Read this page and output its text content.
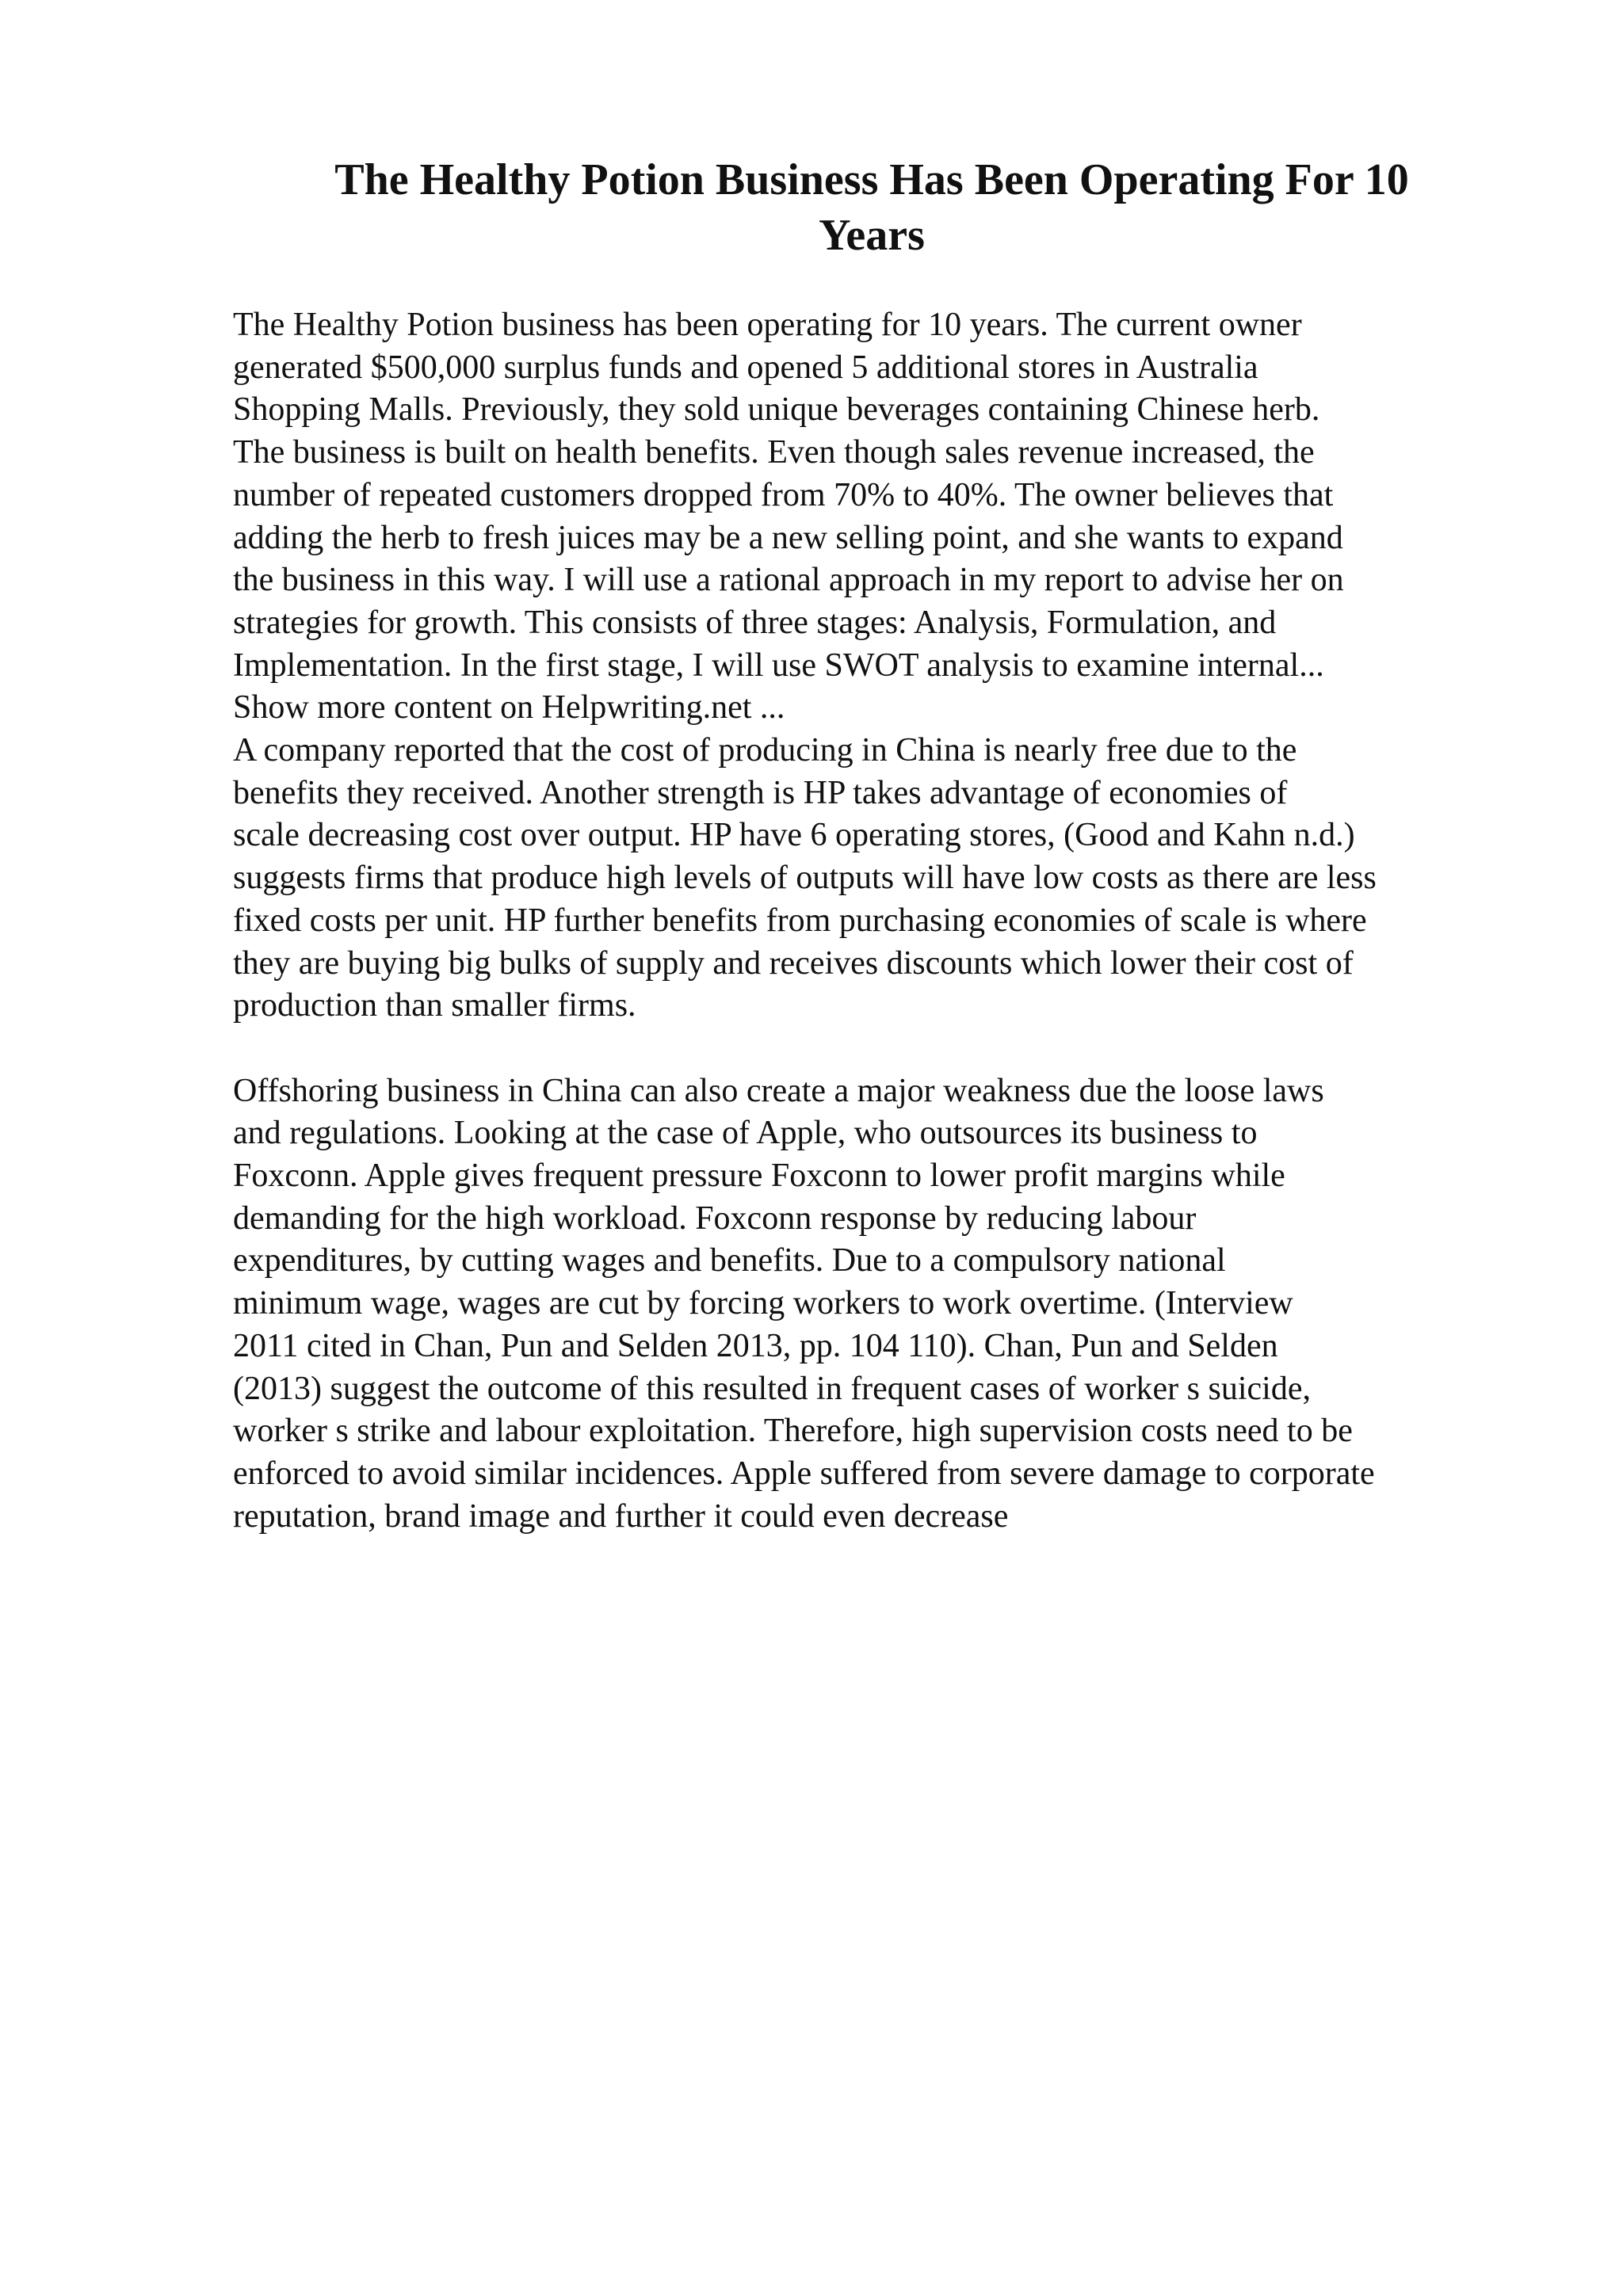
The Healthy Potion Business Has Been Operating For 10
Years
The Healthy Potion business has been operating for 10 years. The current owner
generated $500,000 surplus funds and opened 5 additional stores in Australia
Shopping Malls. Previously, they sold unique beverages containing Chinese herb.
The business is built on health benefits. Even though sales revenue increased, the
number of repeated customers dropped from 70% to 40%. The owner believes that
adding the herb to fresh juices may be a new selling point, and she wants to expand
the business in this way. I will use a rational approach in my report to advise her on
strategies for growth. This consists of three stages: Analysis, Formulation, and
Implementation. In the first stage, I will use SWOT analysis to examine internal...
Show more content on Helpwriting.net ...
A company reported that the cost of producing in China is nearly free due to the
benefits they received. Another strength is HP takes advantage of economies of
scale decreasing cost over output. HP have 6 operating stores, (Good and Kahn n.d.)
suggests firms that produce high levels of outputs will have low costs as there are less
fixed costs per unit. HP further benefits from purchasing economies of scale is where
they are buying big bulks of supply and receives discounts which lower their cost of
production than smaller firms.
Offshoring business in China can also create a major weakness due the loose laws
and regulations. Looking at the case of Apple, who outsources its business to
Foxconn. Apple gives frequent pressure Foxconn to lower profit margins while
demanding for the high workload. Foxconn response by reducing labour
expenditures, by cutting wages and benefits. Due to a compulsory national
minimum wage, wages are cut by forcing workers to work overtime. (Interview
2011 cited in Chan, Pun and Selden 2013, pp. 104 110). Chan, Pun and Selden
(2013) suggest the outcome of this resulted in frequent cases of worker s suicide,
worker s strike and labour exploitation. Therefore, high supervision costs need to be
enforced to avoid similar incidences. Apple suffered from severe damage to corporate
reputation, brand image and further it could even decrease
